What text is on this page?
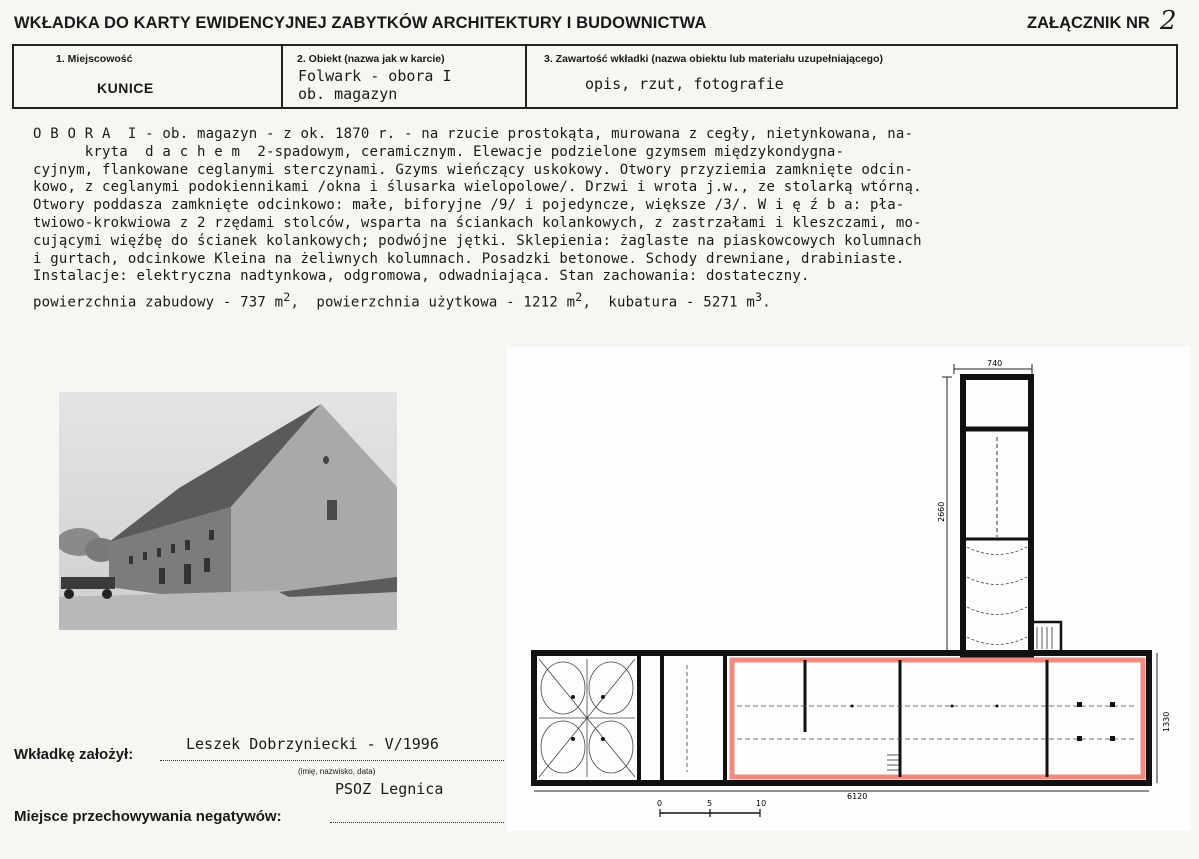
WKŁADKA DO KARTY EWIDENCYJNEJ ZABYTKÓW ARCHITEKTURY I BUDOWNICTWA	ZAŁĄCZNIK NR 2
1. Miejscowość
KUNICE
2. Obiekt (nazwa jak w karcie)
Folwark - obora I
ob. magazyn
3. Zawartość wkładki (nazwa obiektu lub materiału uzupełniającego)
opis, rzut, fotografie
O B O R A  I - ob. magazyn - z ok. 1870 r. - na rzucie prostokąta, murowana z cegły, nietynkowana, na-
kryta  d a c h e m  2-spadowym, ceramicznym. Elewacje podzielone gzymsem międzykondygna-
cyjnym, flankowane ceglanymi sterczynami. Gzyms wieńczący uskokowy. Otwory przyziemia zamknięte odcin-
kowo, z ceglanymi podokiennikami /okna i ślusarka wielopolowe/. Drzwi i wrota j.w., ze stolarką wtórną.
Otwory poddasza zamknięte odcinkowo: małe, biforyjne /9/ i pojedyncze, większe /3/. W i ę ź b a: pła-
twiowo-krokwiowa z 2 rzędami stolców, wsparta na ściankach kolankowych, z zastrzałami i kleszczami, mo-
cującymi więźbę do ścianek kolankowych; podwójne jętki. Sklepienia: żaglaste na piaskowcowych kolumnach
i gurtach, odcinkowe Kleina na żeliwnych kolumnach. Posadzki betonowe. Schody drewniane, drabiniaste.
Instalacje: elektryczna nadtynkowa, odgromowa, odwadniająca. Stan zachowania: dostateczny.
powierzchnia zabudowy - 737 $m^2$,  powierzchnia użytkowa - 1212 $m^2$,  kubatura - 5271 $m^3$.
740
2660
6120
1330
0	5	10
Wkładkę założył:
Leszek Dobrzyniecki - V/1996
(imię, nazwisko, data)
PSOZ Legnica
Miejsce przechowywania negatywów:
